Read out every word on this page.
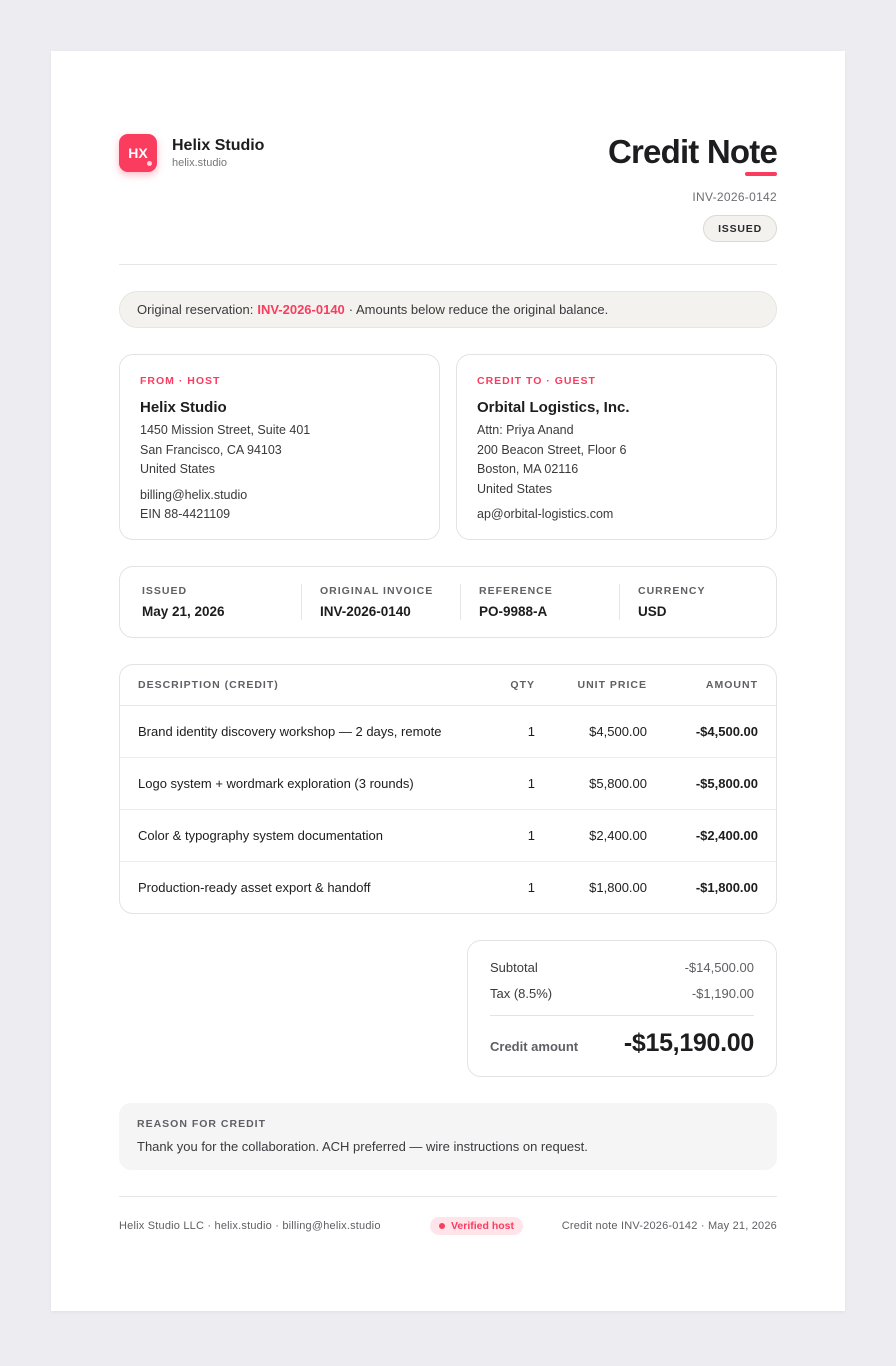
HX Helix Studio
helix.studio	Credit Note
INV-2026-0142
ISSUED
Original reservation: INV-2026-0140 · Amounts below reduce the original balance.
FROM · HOST
Helix Studio
1450 Mission Street, Suite 401
San Francisco, CA 94103
United States
billing@helix.studio
EIN 88-4421109
CREDIT TO · GUEST
Orbital Logistics, Inc.
Attn: Priya Anand
200 Beacon Street, Floor 6
Boston, MA 02116
United States
ap@orbital-logistics.com
ISSUED
May 21, 2026
ORIGINAL INVOICE
INV-2026-0140
REFERENCE
PO-9988-A
CURRENCY
USD
DESCRIPTION (CREDIT)	QTY	UNIT PRICE	AMOUNT
Brand identity discovery workshop — 2 days, remote	1	$4,500.00	-$4,500.00
Logo system + wordmark exploration (3 rounds)	1	$5,800.00	-$5,800.00
Color & typography system documentation	1	$2,400.00	-$2,400.00
Production-ready asset export & handoff	1	$1,800.00	-$1,800.00
Subtotal	-$14,500.00
Tax (8.5%)	-$1,190.00
Credit amount -$15,190.00
REASON FOR CREDIT
Thank you for the collaboration. ACH preferred — wire instructions on request.
Helix Studio LLC · helix.studio · billing@helix.studio	Verified host	Credit note INV-2026-0142 · May 21, 2026
